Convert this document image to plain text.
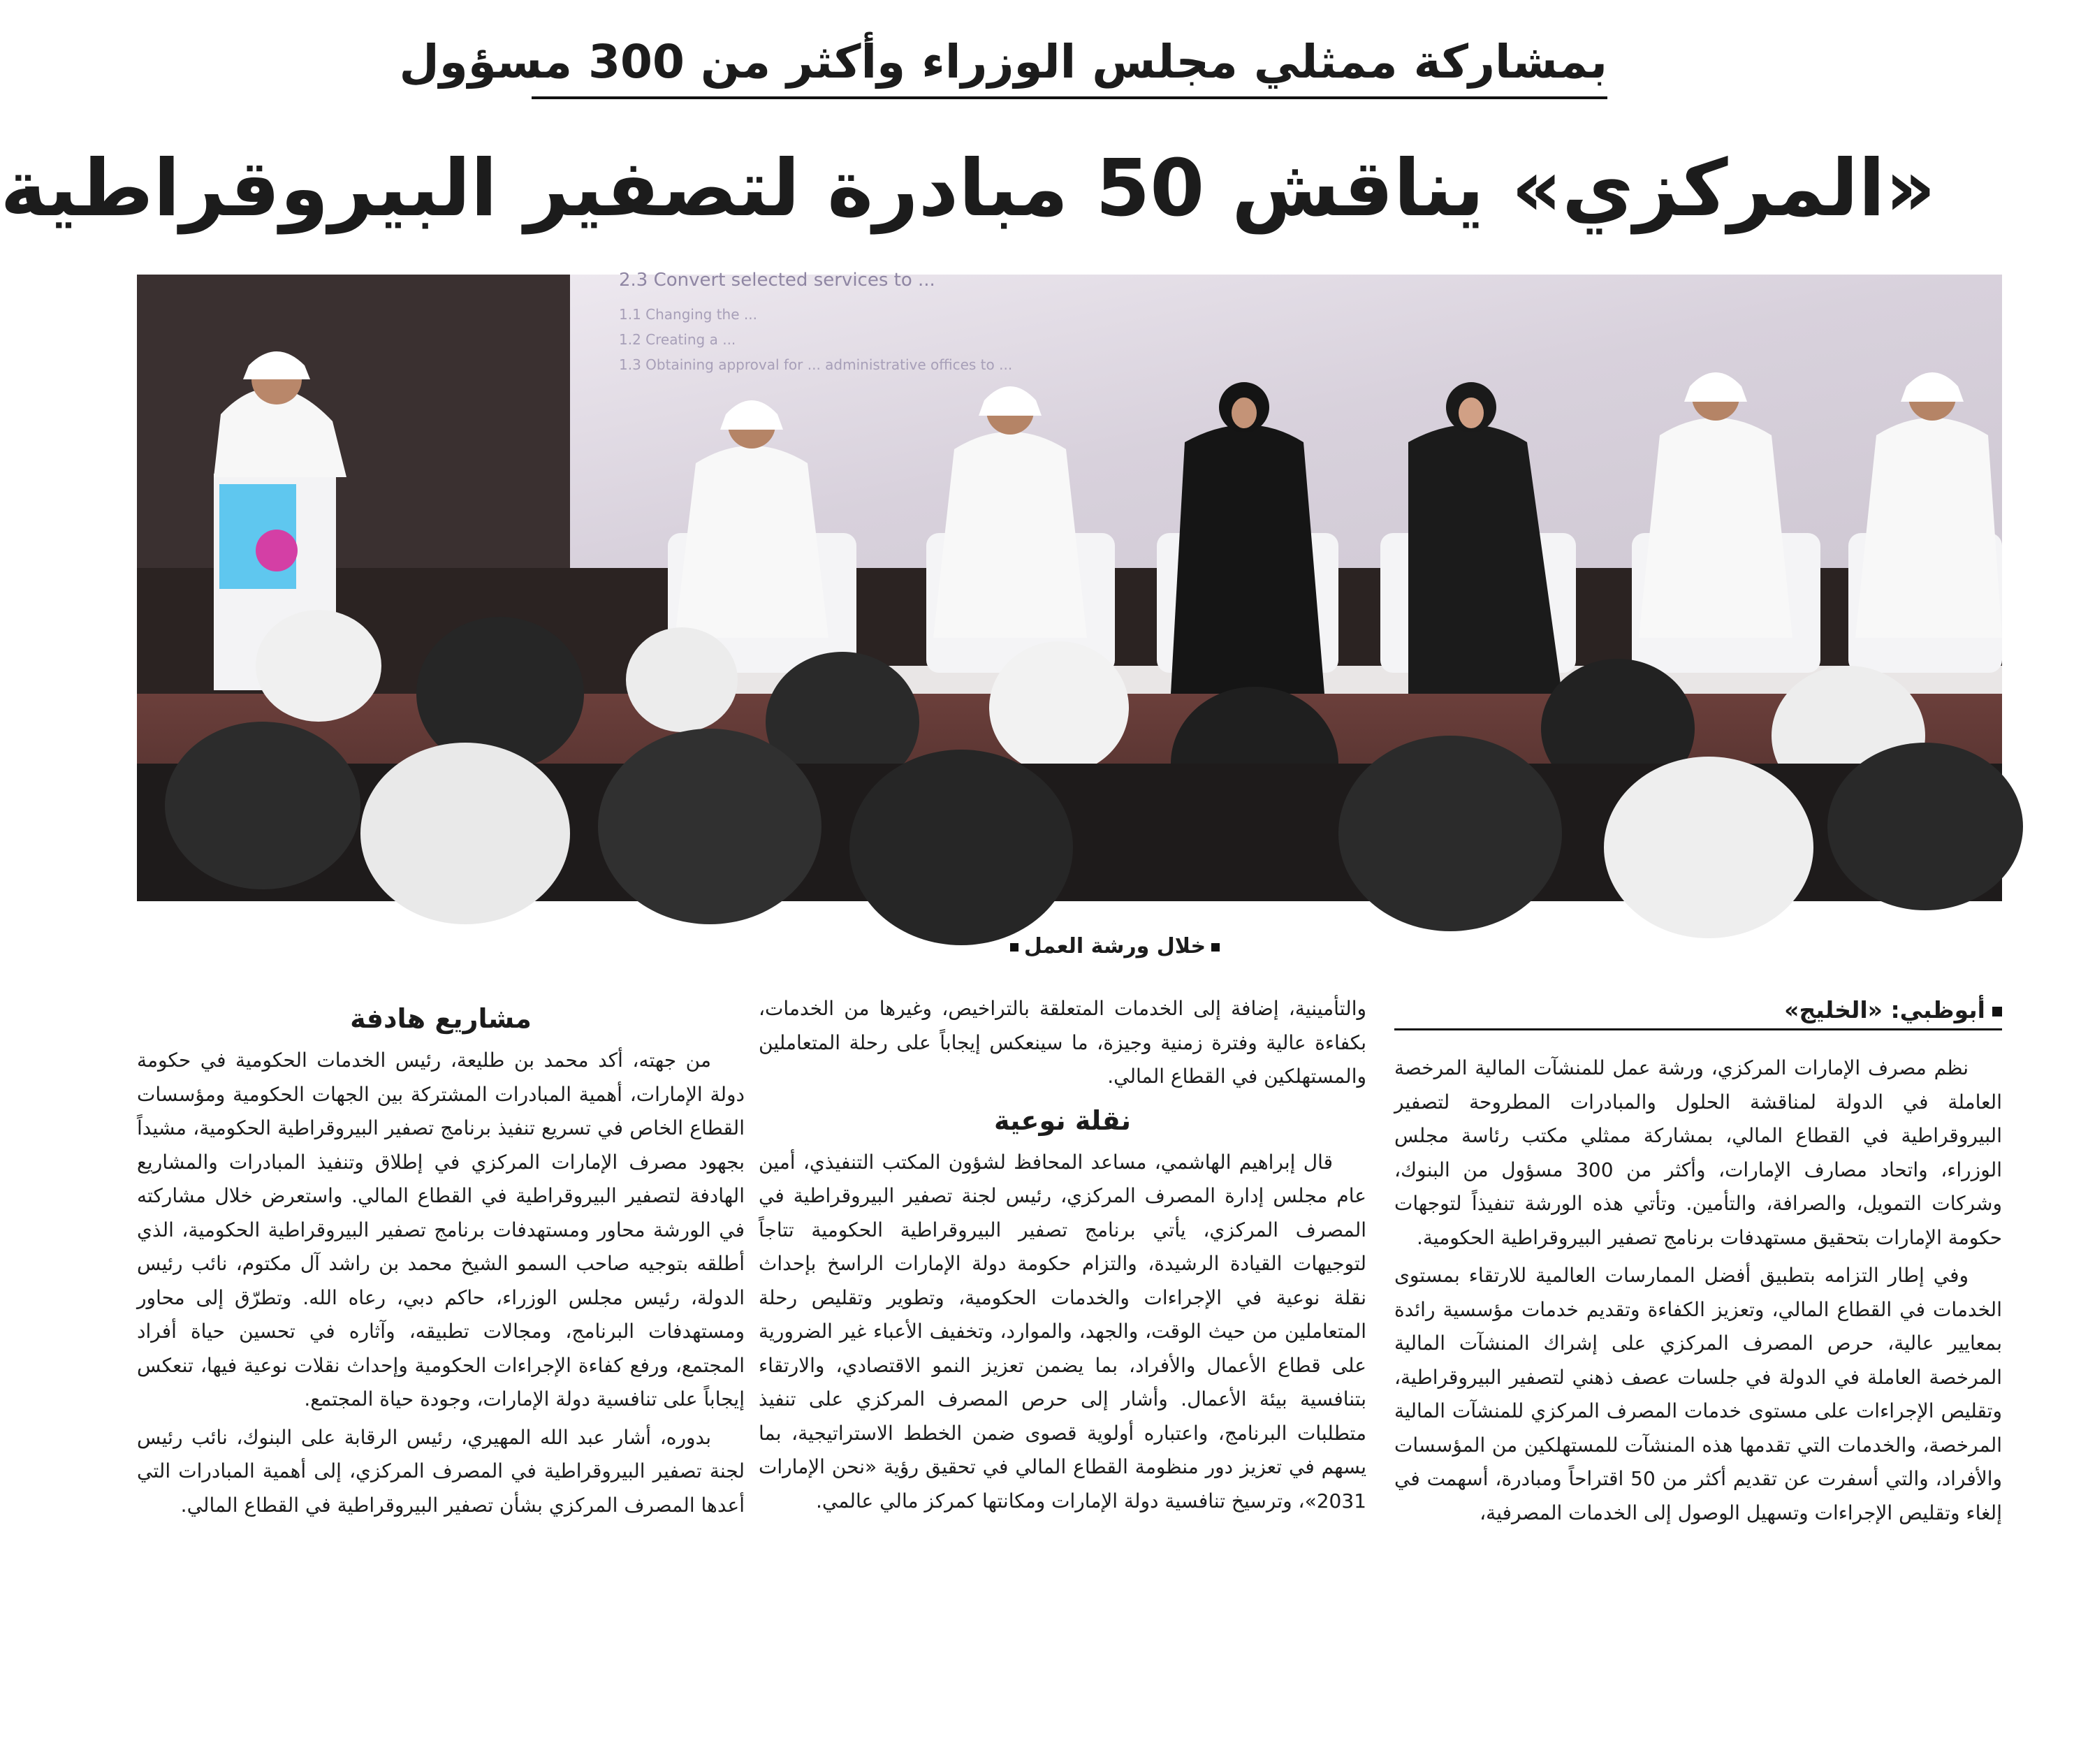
بمشاركة ممثلي مجلس الوزراء وأكثر من 300 مسؤول
«المركزي» يناقش 50 مبادرة لتصفير البيروقراطية
2.3 Convert selected services to ...
1.1 Changing the ...
1.2 Creating a ...
1.3 Obtaining approval for ... administrative offices to ...
خلال ورشة العمل
أبوظبي: «الخليج»

نظم مصرف الإمارات المركزي، ورشة عمل للمنشآت المالية المرخصة العاملة في الدولة لمناقشة الحلول والمبادرات المطروحة لتصفير البيروقراطية في القطاع المالي، بمشاركة ممثلي مكتب رئاسة مجلس الوزراء، واتحاد مصارف الإمارات، وأكثر من 300 مسؤول من البنوك، وشركات التمويل، والصرافة، والتأمين. وتأتي هذه الورشة تنفيذاً لتوجهات حكومة الإمارات بتحقيق مستهدفات برنامج تصفير البيروقراطية الحكومية.

وفي إطار التزامه بتطبيق أفضل الممارسات العالمية للارتقاء بمستوى الخدمات في القطاع المالي، وتعزيز الكفاءة وتقديم خدمات مؤسسية رائدة بمعايير عالية، حرص المصرف المركزي على إشراك المنشآت المالية المرخصة العاملة في الدولة في جلسات عصف ذهني لتصفير البيروقراطية، وتقليص الإجراءات على مستوى خدمات المصرف المركزي للمنشآت المالية المرخصة، والخدمات التي تقدمها هذه المنشآت للمستهلكين من المؤسسات والأفراد، والتي أسفرت عن تقديم أكثر من 50 اقتراحاً ومبادرة، أسهمت في إلغاء وتقليص الإجراءات وتسهيل الوصول إلى الخدمات المصرفية،

والتأمينية، إضافة إلى الخدمات المتعلقة بالتراخيص، وغيرها من الخدمات، بكفاءة عالية وفترة زمنية وجيزة، ما سينعكس إيجاباً على رحلة المتعاملين والمستهلكين في القطاع المالي.

نقلة نوعية

قال إبراهيم الهاشمي، مساعد المحافظ لشؤون المكتب التنفيذي، أمين عام مجلس إدارة المصرف المركزي، رئيس لجنة تصفير البيروقراطية في المصرف المركزي، يأتي برنامج تصفير البيروقراطية الحكومية تتاجاً لتوجيهات القيادة الرشيدة، والتزام حكومة دولة الإمارات الراسخ بإحداث نقلة نوعية في الإجراءات والخدمات الحكومية، وتطوير وتقليص رحلة المتعاملين من حيث الوقت، والجهد، والموارد، وتخفيف الأعباء غير الضرورية على قطاع الأعمال والأفراد، بما يضمن تعزيز النمو الاقتصادي، والارتقاء بتنافسية بيئة الأعمال. وأشار إلى حرص المصرف المركزي على تنفيذ متطلبات البرنامج، واعتباره أولوية قصوى ضمن الخطط الاستراتيجية، بما يسهم في تعزيز دور منظومة القطاع المالي في تحقيق رؤية «نحن الإمارات 2031»، وترسيخ تنافسية دولة الإمارات ومكانتها كمركز مالي عالمي.

مشاريع هادفة

من جهته، أكد محمد بن طليعة، رئيس الخدمات الحكومية في حكومة دولة الإمارات، أهمية المبادرات المشتركة بين الجهات الحكومية ومؤسسات القطاع الخاص في تسريع تنفيذ برنامج تصفير البيروقراطية الحكومية، مشيداً بجهود مصرف الإمارات المركزي في إطلاق وتنفيذ المبادرات والمشاريع الهادفة لتصفير البيروقراطية في القطاع المالي. واستعرض خلال مشاركته في الورشة محاور ومستهدفات برنامج تصفير البيروقراطية الحكومية، الذي أطلقه بتوجيه صاحب السمو الشيخ محمد بن راشد آل مكتوم، نائب رئيس الدولة، رئيس مجلس الوزراء، حاكم دبي، رعاه الله. وتطرّق إلى محاور ومستهدفات البرنامج، ومجالات تطبيقه، وآثاره في تحسين حياة أفراد المجتمع، ورفع كفاءة الإجراءات الحكومية وإحداث نقلات نوعية فيها، تنعكس إيجاباً على تنافسية دولة الإمارات، وجودة حياة المجتمع.

بدوره، أشار عبد الله المهيري، رئيس الرقابة على البنوك، نائب رئيس لجنة تصفير البيروقراطية في المصرف المركزي، إلى أهمية المبادرات التي أعدها المصرف المركزي بشأن تصفير البيروقراطية في القطاع المالي.
